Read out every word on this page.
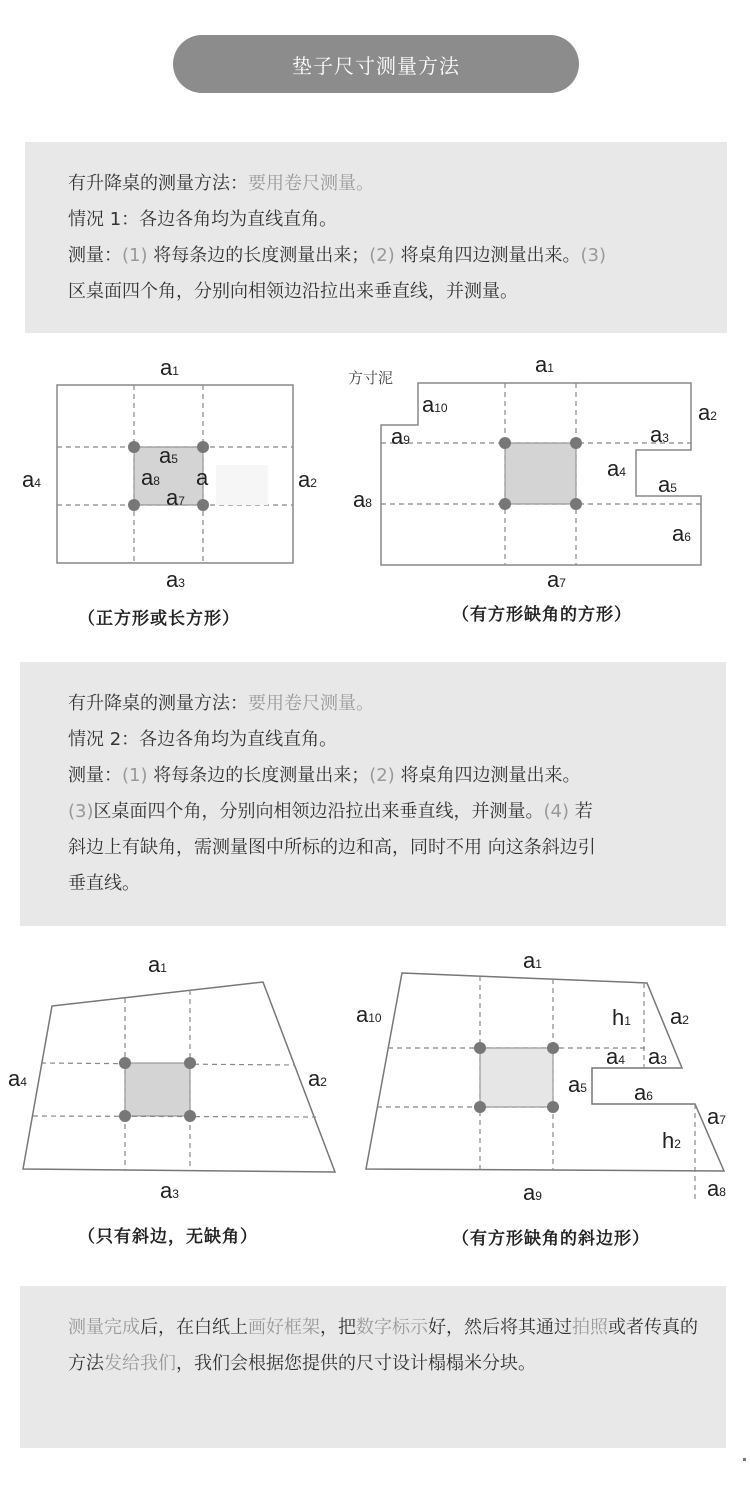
垫子尺寸测量方法

有升降桌的测量方法：要用卷尺测量。

情况 1：各边各角均为直线直角。

测量：(1) 将每条边的长度测量出来；(2) 将桌角四边测量出来。(3)

区桌面四个角，分别向相领边沿拉出来垂直线，并测量。

a1
a2
a3
a4
a5
a8 a
a7
（正方形或长方形）
方寸泥
a1
a2
a3
a4 a5
a6
a7
a8
a9
a10
（有方形缺角的方形）

有升降桌的测量方法：要用卷尺测量。

情况 2：各边各角均为直线直角。

测量：(1) 将每条边的长度测量出来；(2) 将桌角四边测量出来。

(3)区桌面四个角，分别向相领边沿拉出来垂直线，并测量。(4) 若

斜边上有缺角，需测量图中所标的边和高，同时不用 向这条斜边引

垂直线。

a1
a2
a3
a4
（只有斜边，无缺角）
a1
a2
a3
a4
a5 a6
a7
a8
a9
a10	h1
h2
（有方形缺角的斜边形）

测量完成后，在白纸上画好框架，把数字标示好，然后将其通过拍照或者传真的方法发给我们，我们会根据您提供的尺寸设计榻榻米分块。
